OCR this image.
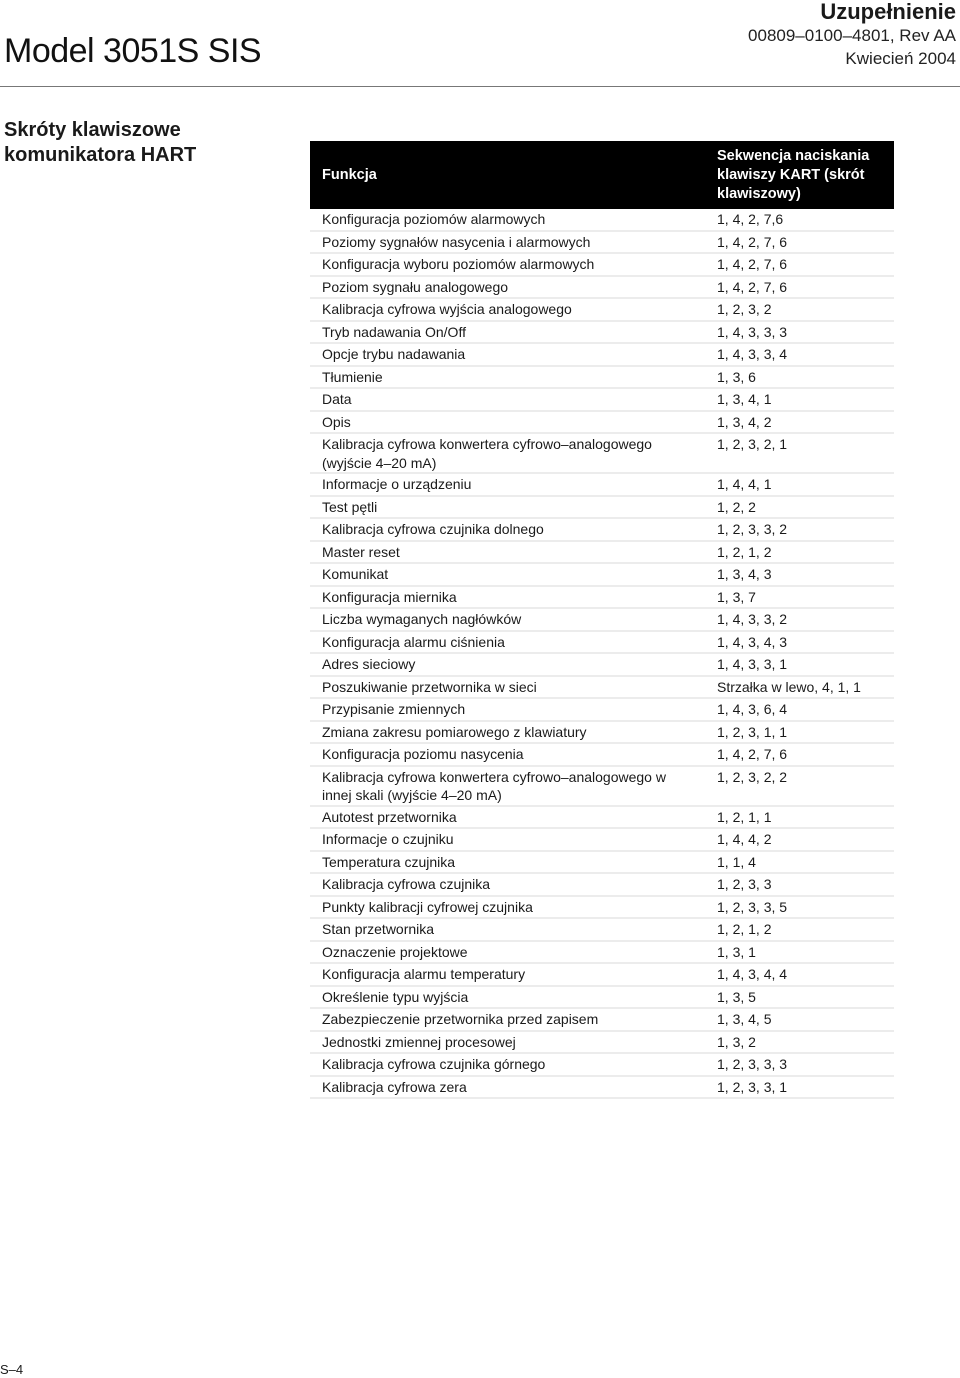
Model 3051S SIS
Uzupełnienie
00809–0100–4801, Rev AA
Kwiecień 2004
Skróty klawiszowe komunikatora HART
Funkcja	Sekwencja naciskania klawiszy KART (skrót klawiszowy)
Konfiguracja poziomów alarmowych	1, 4, 2, 7,6
Poziomy sygnałów nasycenia i alarmowych	1, 4, 2, 7, 6
Konfiguracja wyboru poziomów alarmowych	1, 4, 2, 7, 6
Poziom sygnału analogowego	1, 4, 2, 7, 6
Kalibracja cyfrowa wyjścia analogowego	1, 2, 3, 2
Tryb nadawania On/Off	1, 4, 3, 3, 3
Opcje trybu nadawania	1, 4, 3, 3, 4
Tłumienie	1, 3, 6
Data	1, 3, 4, 1
Opis	1, 3, 4, 2
Kalibracja cyfrowa konwertera cyfrowo–analogowego (wyjście 4–20 mA)	1, 2, 3, 2, 1
Informacje o urządzeniu	1, 4, 4, 1
Test pętli	1, 2, 2
Kalibracja cyfrowa czujnika dolnego	1, 2, 3, 3, 2
Master reset	1, 2, 1, 2
Komunikat	1, 3, 4, 3
Konfiguracja miernika	1, 3, 7
Liczba wymaganych nagłówków	1, 4, 3, 3, 2
Konfiguracja alarmu ciśnienia	1, 4, 3, 4, 3
Adres sieciowy	1, 4, 3, 3, 1
Poszukiwanie przetwornika w sieci	Strzałka w lewo, 4, 1, 1
Przypisanie zmiennych	1, 4, 3, 6, 4
Zmiana zakresu pomiarowego z klawiatury	1, 2, 3, 1, 1
Konfiguracja poziomu nasycenia	1, 4, 2, 7, 6
Kalibracja cyfrowa konwertera cyfrowo–analogowego w innej skali (wyjście 4–20 mA)	1, 2, 3, 2, 2
Autotest przetwornika	1, 2, 1, 1
Informacje o czujniku	1, 4, 4, 2
Temperatura czujnika	1, 1, 4
Kalibracja cyfrowa czujnika	1, 2, 3, 3
Punkty kalibracji cyfrowej czujnika	1, 2, 3, 3, 5
Stan przetwornika	1, 2, 1, 2
Oznaczenie projektowe	1, 3, 1
Konfiguracja alarmu temperatury	1, 4, 3, 4, 4
Określenie typu wyjścia	1, 3, 5
Zabezpieczenie przetwornika przed zapisem	1, 3, 4, 5
Jednostki zmiennej procesowej	1, 3, 2
Kalibracja cyfrowa czujnika górnego	1, 2, 3, 3, 3
Kalibracja cyfrowa zera	1, 2, 3, 3, 1
S–4
